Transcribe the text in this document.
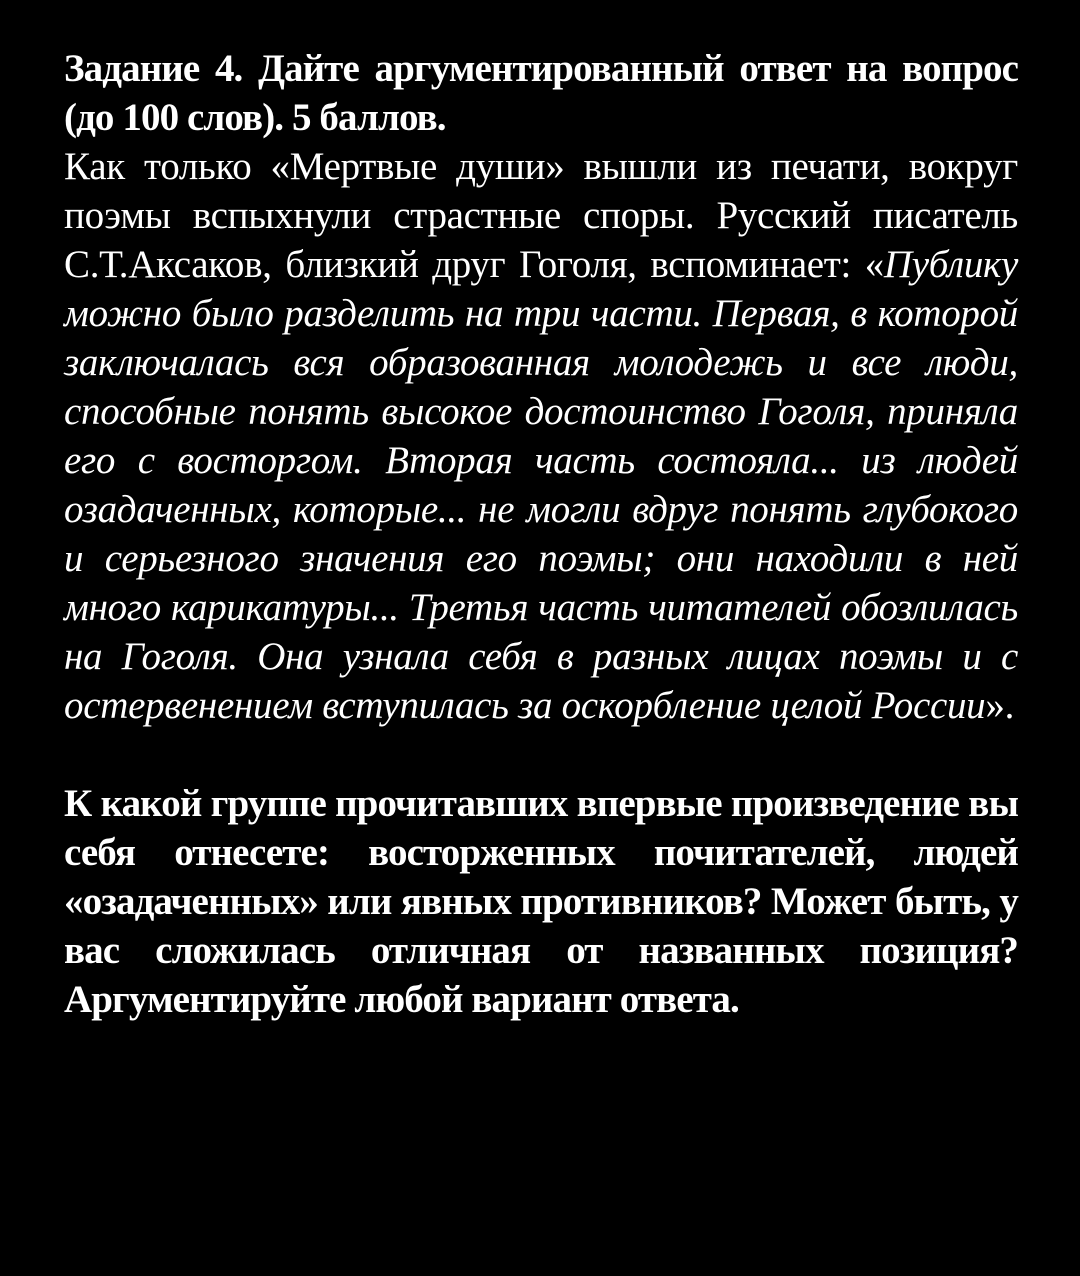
Задание 4. Дайте аргументированный ответ на вопрос (до 100 слов). 5 баллов.

Как только «Мертвые души» вышли из печати, вокруг поэмы вспыхнули страстные споры. Русский писатель С.Т.Аксаков, близкий друг Гоголя, вспоминает: «Публику можно было разделить на три части. Первая, в которой заключалась вся образованная молодежь и все люди, способные понять высокое достоинство Гоголя, приняла его с восторгом. Вторая часть состояла... из людей озадаченных, которые... не могли вдруг понять глубокого и серьезного значения его поэмы; они находили в ней много карикатуры... Третья часть читателей обозлилась на Гоголя. Она узнала себя в разных лицах поэмы и с остервенением вступилась за оскорбление целой России».

К какой группе прочитавших впервые произведение вы себя отнесете: восторженных почитателей, людей «озадаченных» или явных противников? Может быть, у вас сложилась отличная от названных позиция? Аргументируйте любой вариант ответа.
